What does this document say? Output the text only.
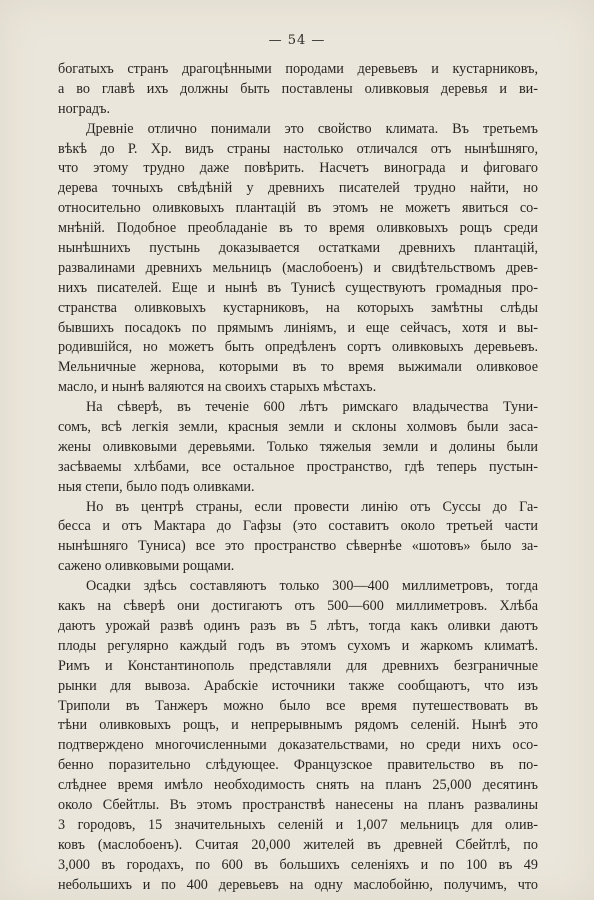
— 54 —
богатыхъ странъ драгоцѣнными породами деревьевъ и кустарниковъ,
а во главѣ ихъ должны быть поставлены оливковыя деревья и ви-
ноградъ.
Древніе отлично понимали это свойство климата. Въ третьемъ
вѣкѣ до Р. Хр. видъ страны настолько отличался отъ нынѣшняго,
что этому трудно даже повѣрить. Насчетъ винограда и фиговаго
дерева точныхъ свѣдѣній у древнихъ писателей трудно найти, но
относительно оливковыхъ плантацій въ этомъ не можетъ явиться со-
мнѣній. Подобное преобладаніе въ то время оливковыхъ рощъ среди
нынѣшнихъ пустынь доказывается остатками древнихъ плантацій,
развалинами древнихъ мельницъ (маслобоенъ) и свидѣтельствомъ древ-
нихъ писателей. Еще и нынѣ въ Тунисѣ существуютъ громадныя про-
странства оливковыхъ кустарниковъ, на которыхъ замѣтны слѣды
бывшихъ посадокъ по прямымъ линіямъ, и еще сейчасъ, хотя и вы-
родившійся, но можетъ быть опредѣленъ сортъ оливковыхъ деревьевъ.
Мельничные жернова, которыми въ то время выжимали оливковое
масло, и нынѣ валяются на своихъ старыхъ мѣстахъ.
На сѣверѣ, въ теченіе 600 лѣтъ римскаго владычества Туни-
сомъ, всѣ легкія земли, красныя земли и склоны холмовъ были заса-
жены оливковыми деревьями. Только тяжелыя земли и долины были
засѣваемы хлѣбами, все остальное пространство, гдѣ теперь пустын-
ныя степи, было подъ оливками.
Но въ центрѣ страны, если провести линію отъ Суссы до Га-
бесса и отъ Мактара до Гафзы (это составитъ около третьей части
нынѣшняго Туниса) все это пространство сѣвернѣе «шотовъ» было за-
сажено оливковыми рощами.
Осадки здѣсь составляютъ только 300—400 миллиметровъ, тогда
какъ на сѣверѣ они достигаютъ отъ 500—600 миллиметровъ. Хлѣба
даютъ урожай развѣ одинъ разъ въ 5 лѣтъ, тогда какъ оливки даютъ
плоды регулярно каждый годъ въ этомъ сухомъ и жаркомъ климатѣ.
Римъ и Константинополь представляли для древнихъ безграничные
рынки для вывоза. Арабскіе источники также сообщаютъ, что изъ
Триполи въ Танжеръ можно было все время путешествовать въ
тѣни оливковыхъ рощъ, и непрерывнымъ рядомъ селеній. Нынѣ это
подтверждено многочисленными доказательствами, но среди нихъ осо-
бенно поразительно слѣдующее. Французское правительство въ по-
слѣднее время имѣло необходимость снять на планъ 25,000 десятинъ
около Сбейтлы. Въ этомъ пространствѣ нанесены на планъ развалины
3 городовъ, 15 значительныхъ селеній и 1,007 мельницъ для олив-
ковъ (маслобоенъ). Считая 20,000 жителей въ древней Сбейтлѣ, по
3,000 въ городахъ, по 600 въ большихъ селеніяхъ и по 100 въ 49
небольшихъ и по 400 деревьевъ на одну маслобойню, получимъ, что
